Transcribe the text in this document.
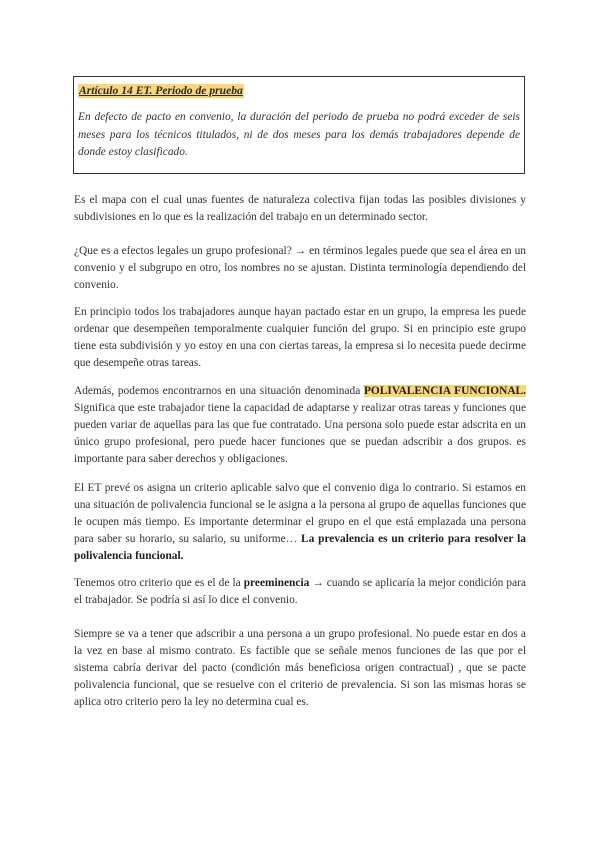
Artículo 14 ET. Periodo de prueba
En defecto de pacto en convenio, la duración del periodo de prueba no podrá exceder de seis meses para los técnicos titulados, ni de dos meses para los demás trabajadores depende de donde estoy clasificado.
Es el mapa con el cual unas fuentes de naturaleza colectiva fijan todas las posibles divisiones y subdivisiones en lo que es la realización del trabajo en un determinado sector.
¿Que es a efectos legales un grupo profesional? → en términos legales puede que sea el área en un convenio y el subgrupo en otro, los nombres no se ajustan. Distinta terminología dependiendo del convenio.
En principio todos los trabajadores aunque hayan pactado estar en un grupo, la empresa les puede ordenar que desempeñen temporalmente cualquier función del grupo. Si en principio este grupo tiene esta subdivisión y yo estoy en una con ciertas tareas, la empresa si lo necesita puede decirme que desempeñe otras tareas.
Además, podemos encontrarnos en una situación denominada POLIVALENCIA FUNCIONAL. Significa que este trabajador tiene la capacidad de adaptarse y realizar otras tareas y funciones que pueden variar de aquellas para las que fue contratado. Una persona solo puede estar adscrita en un único grupo profesional, pero puede hacer funciones que se puedan adscribir a dos grupos. es importante para saber derechos y obligaciones.
El ET prevé os asigna un criterio aplicable salvo que el convenio diga lo contrario. Si estamos en una situación de polivalencia funcional se le asigna a la persona al grupo de aquellas funciones que le ocupen más tiempo. Es importante determinar el grupo en el que está emplazada una persona para saber su horario, su salario, su uniforme… La prevalencia es un criterio para resolver la polivalencia funcional.
Tenemos otro criterio que es el de la preeminencia → cuando se aplicaría la mejor condición para el trabajador. Se podría si así lo dice el convenio.
Siempre se va a tener que adscribir a una persona a un grupo profesional. No puede estar en dos a la vez en base al mismo contrato. Es factible que se señale menos funciones de las que por el sistema cabría derivar del pacto (condición más beneficiosa origen contractual) , que se pacte polivalencia funcional, que se resuelve con el criterio de prevalencia. Si son las mismas horas se aplica otro criterio pero la ley no determina cual es.
